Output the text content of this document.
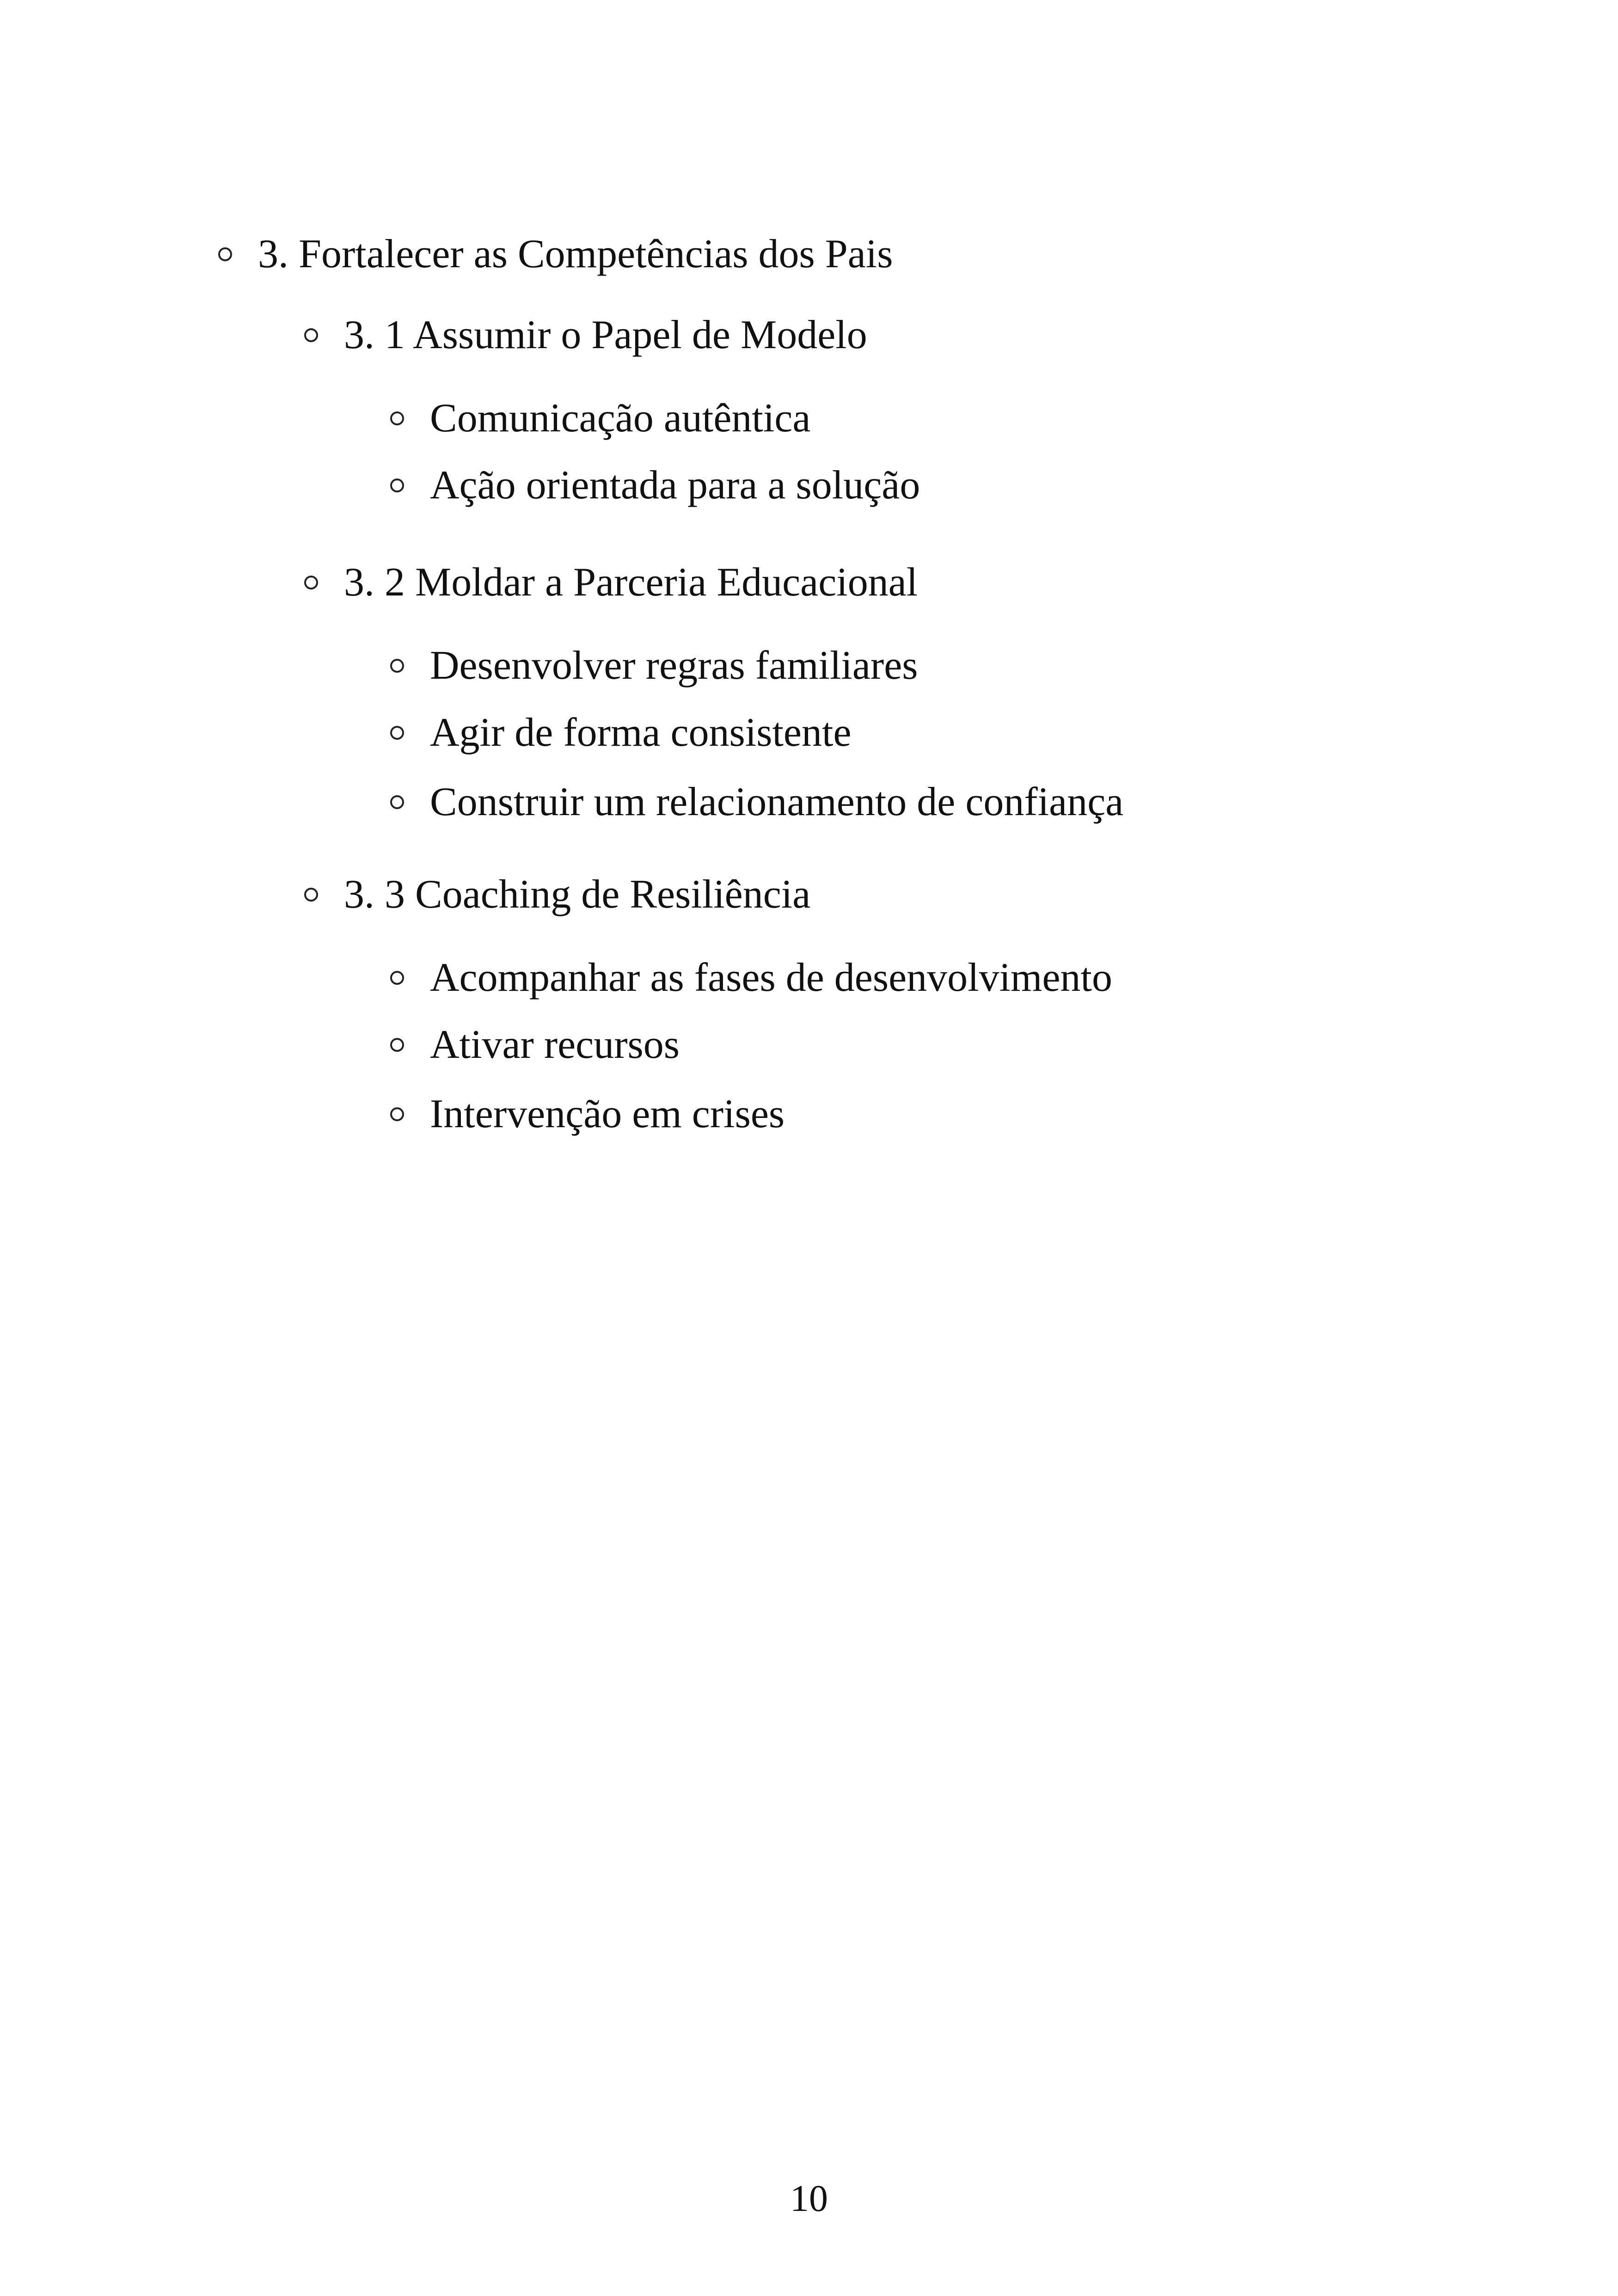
3. Fortalecer as Competências dos Pais
3. 1 Assumir o Papel de Modelo
Comunicação autêntica
Ação orientada para a solução
3. 2 Moldar a Parceria Educacional
Desenvolver regras familiares
Agir de forma consistente
Construir um relacionamento de confiança
3. 3 Coaching de Resiliência
Acompanhar as fases de desenvolvimento
Ativar recursos
Intervenção em crises
10
